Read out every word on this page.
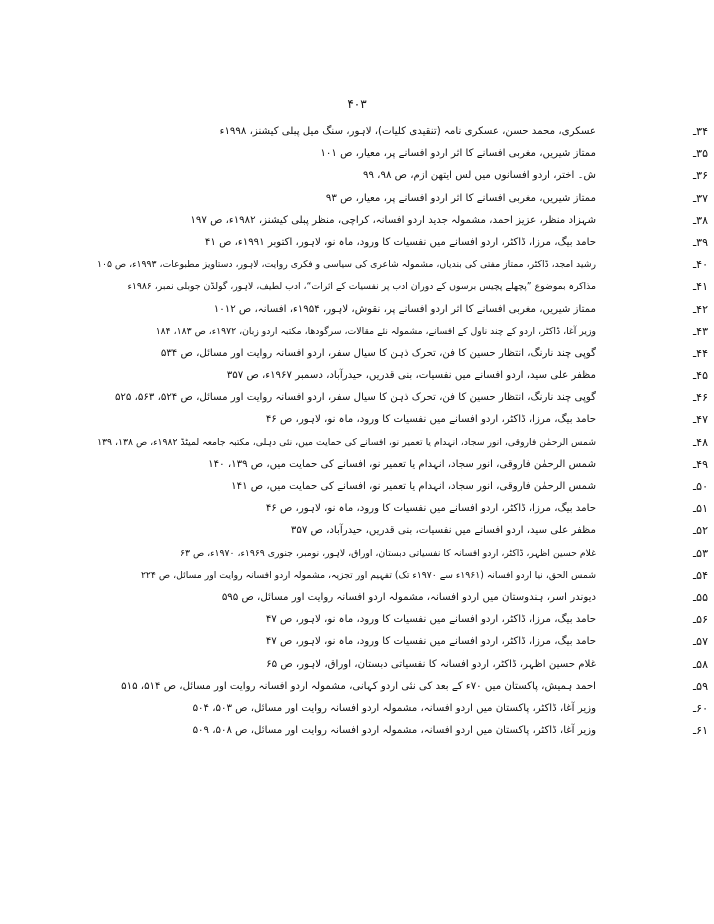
۴۰۳
۳۴ـ
عسکری، محمد حسن، عسکری نامہ (تنقیدی کلیات)، لاہور، سنگ میل پبلی کیشنز، ۱۹۹۸ء
۳۵ـ
ممتاز شیریں، مغربی افسانے کا اثر اردو افسانے پر، معیار، ص ۱۰۱
۳۶ـ
ش۔ اختر، اردو افسانوں میں لس ایتھن ازم، ص ۹۸، ۹۹
۳۷ـ
ممتاز شیریں، مغربی افسانے کا اثر اردو افسانے پر، معیار، ص ۹۳
۳۸ـ
شہزاد منظر، عزیز احمد، مشمولہ جدید اردو افسانہ، کراچی، منظر پبلی کیشنز، ۱۹۸۲ء، ص ۱۹۷
۳۹ـ
حامد بیگ، مرزا، ڈاکٹر، اردو افسانے میں نفسیات کا ورود، ماہ نو، لاہور، اکتوبر ۱۹۹۱ء، ص ۴۱
۴۰ـ
رشید امجد، ڈاکٹر، ممتاز مفتی کی بندیاں، مشمولہ شاعری کی سیاسی و فکری روایت، لاہور، دستاویز مطبوعات، ۱۹۹۳ء، ص ۱۰۵
۴۱ـ
مذاکرہ بموضوع ”پچھلے پچیس برسوں کے دوران ادب پر نفسیات کے اثرات“، ادب لطیف، لاہور، گولڈن جوبلی نمبر، ۱۹۸۶ء
۴۲ـ
ممتاز شیریں، مغربی افسانے کا اثر اردو افسانے پر، نقوش، لاہور، ۱۹۵۴ء، افسانہ، ص ۱۰۱۲
۴۳ـ
وزیر آغا، ڈاکٹر، اردو کے چند ناول کے افسانے، مشمولہ نئے مقالات، سرگودھا، مکتبہ اردو زبان، ۱۹۷۲ء، ص ۱۸۳، ۱۸۴
۴۴ـ
گوپی چند نارنگ، انتظار حسین کا فن، تحرک ذہن کا سیال سفر، اردو افسانہ روایت اور مسائل، ص ۵۳۴
۴۵ـ
مظفر علی سید، اردو افسانے میں نفسیات، بنی قدریں، حیدرآباد، دسمبر ۱۹۶۷ء، ص ۳۵۷
۴۶ـ
گوپی چند نارنگ، انتظار حسین کا فن، تحرک ذہن کا سیال سفر، اردو افسانہ روایت اور مسائل، ص ۵۲۴، ۵۶۳، ۵۲۵
۴۷ـ
حامد بیگ، مرزا، ڈاکٹر، اردو افسانے میں نفسیات کا ورود، ماہ نو، لاہور، ص ۴۶
۴۸ـ
شمس الرحمٰن فاروقی، انور سجاد، انہدام یا تعمیر نو، افسانے کی حمایت میں، نئی دہلی، مکتبہ جامعہ لمیٹڈ ۱۹۸۲ء، ص ۱۳۸، ۱۳۹
۴۹ـ
شمس الرحمٰن فاروقی، انور سجاد، انہدام یا تعمیر نو، افسانے کی حمایت میں، ص ۱۳۹، ۱۴۰
۵۰ـ
شمس الرحمٰن فاروقی، انور سجاد، انہدام یا تعمیر نو، افسانے کی حمایت میں، ص ۱۴۱
۵۱ـ
حامد بیگ، مرزا، ڈاکٹر، اردو افسانے میں نفسیات کا ورود، ماہ نو، لاہور، ص ۴۶
۵۲ـ
مظفر علی سید، اردو افسانے میں نفسیات، بنی قدریں، حیدرآباد، ص ۳۵۷
۵۳ـ
غلام حسین اظہر، ڈاکٹر، اردو افسانہ کا نفسیاتی دبستان، اوراق، لاہور، نومبر، جنوری ۱۹۶۹ء، ۱۹۷۰ء، ص ۶۳
۵۴ـ
شمس الحق، نیا اردو افسانہ (۱۹۶۱ء سے ۱۹۷۰ء تک) تفہیم اور تجزیہ، مشمولہ اردو افسانہ روایت اور مسائل، ص ۲۲۴
۵۵ـ
دیوندر اسر، ہندوستان میں اردو افسانہ، مشمولہ اردو افسانہ روایت اور مسائل، ص ۵۹۵
۵۶ـ
حامد بیگ، مرزا، ڈاکٹر، اردو افسانے میں نفسیات کا ورود، ماہ نو، لاہور، ص ۴۷
۵۷ـ
حامد بیگ، مرزا، ڈاکٹر، اردو افسانے میں نفسیات کا ورود، ماہ نو، لاہور، ص ۴۷
۵۸ـ
غلام حسین اظہر، ڈاکٹر، اردو افسانہ کا نفسیاتی دبستان، اوراق، لاہور، ص ۶۵
۵۹ـ
احمد ہمیش، پاکستان میں ۷۰ء کے بعد کی نئی اردو کہانی، مشمولہ اردو افسانہ روایت اور مسائل، ص ۵۱۴، ۵۱۵
۶۰ـ
وزیر آغا، ڈاکٹر، پاکستان میں اردو افسانہ، مشمولہ اردو افسانہ روایت اور مسائل، ص ۵۰۳، ۵۰۴
۶۱ـ
وزیر آغا، ڈاکٹر، پاکستان میں اردو افسانہ، مشمولہ اردو افسانہ روایت اور مسائل، ص ۵۰۸، ۵۰۹
